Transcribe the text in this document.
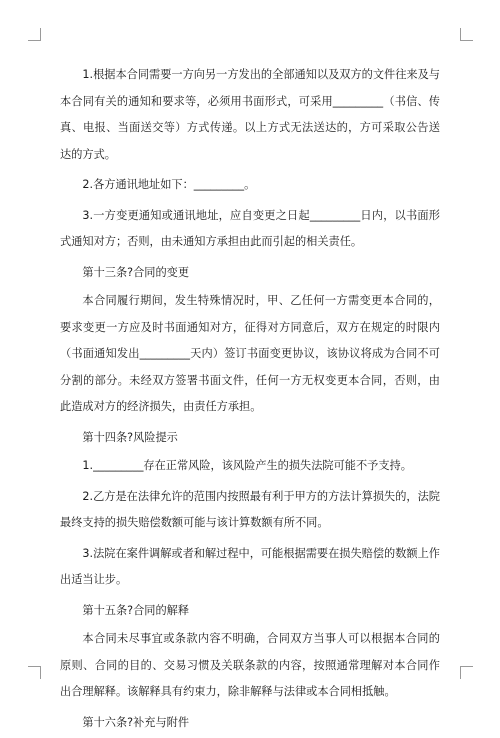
1.根据本合同需要一方向另一方发出的全部通知以及双方的文件往来及与本合同有关的通知和要求等，必须用书面形式，可采用_________（书信、传真、电报、当面送交等）方式传递。以上方式无法送达的，方可采取公告送达的方式。

2.各方通讯地址如下：_________。

3.一方变更通知或通讯地址，应自变更之日起_________日内，以书面形式通知对方；否则，由未通知方承担由此而引起的相关责任。

第十三条?合同的变更

本合同履行期间，发生特殊情况时，甲、乙任何一方需变更本合同的，要求变更一方应及时书面通知对方，征得对方同意后，双方在规定的时限内（书面通知发出_________天内）签订书面变更协议，该协议将成为合同不可分割的部分。未经双方签署书面文件，任何一方无权变更本合同，否则，由此造成对方的经济损失，由责任方承担。

第十四条?风险提示

1._________存在正常风险，该风险产生的损失法院可能不予支持。

2.乙方是在法律允许的范围内按照最有利于甲方的方法计算损失的，法院最终支持的损失赔偿数额可能与该计算数额有所不同。

3.法院在案件调解或者和解过程中，可能根据需要在损失赔偿的数额上作出适当让步。

第十五条?合同的解释

本合同未尽事宜或条款内容不明确，合同双方当事人可以根据本合同的原则、合同的目的、交易习惯及关联条款的内容，按照通常理解对本合同作出合理解释。该解释具有约束力，除非解释与法律或本合同相抵触。

第十六条?补充与附件
